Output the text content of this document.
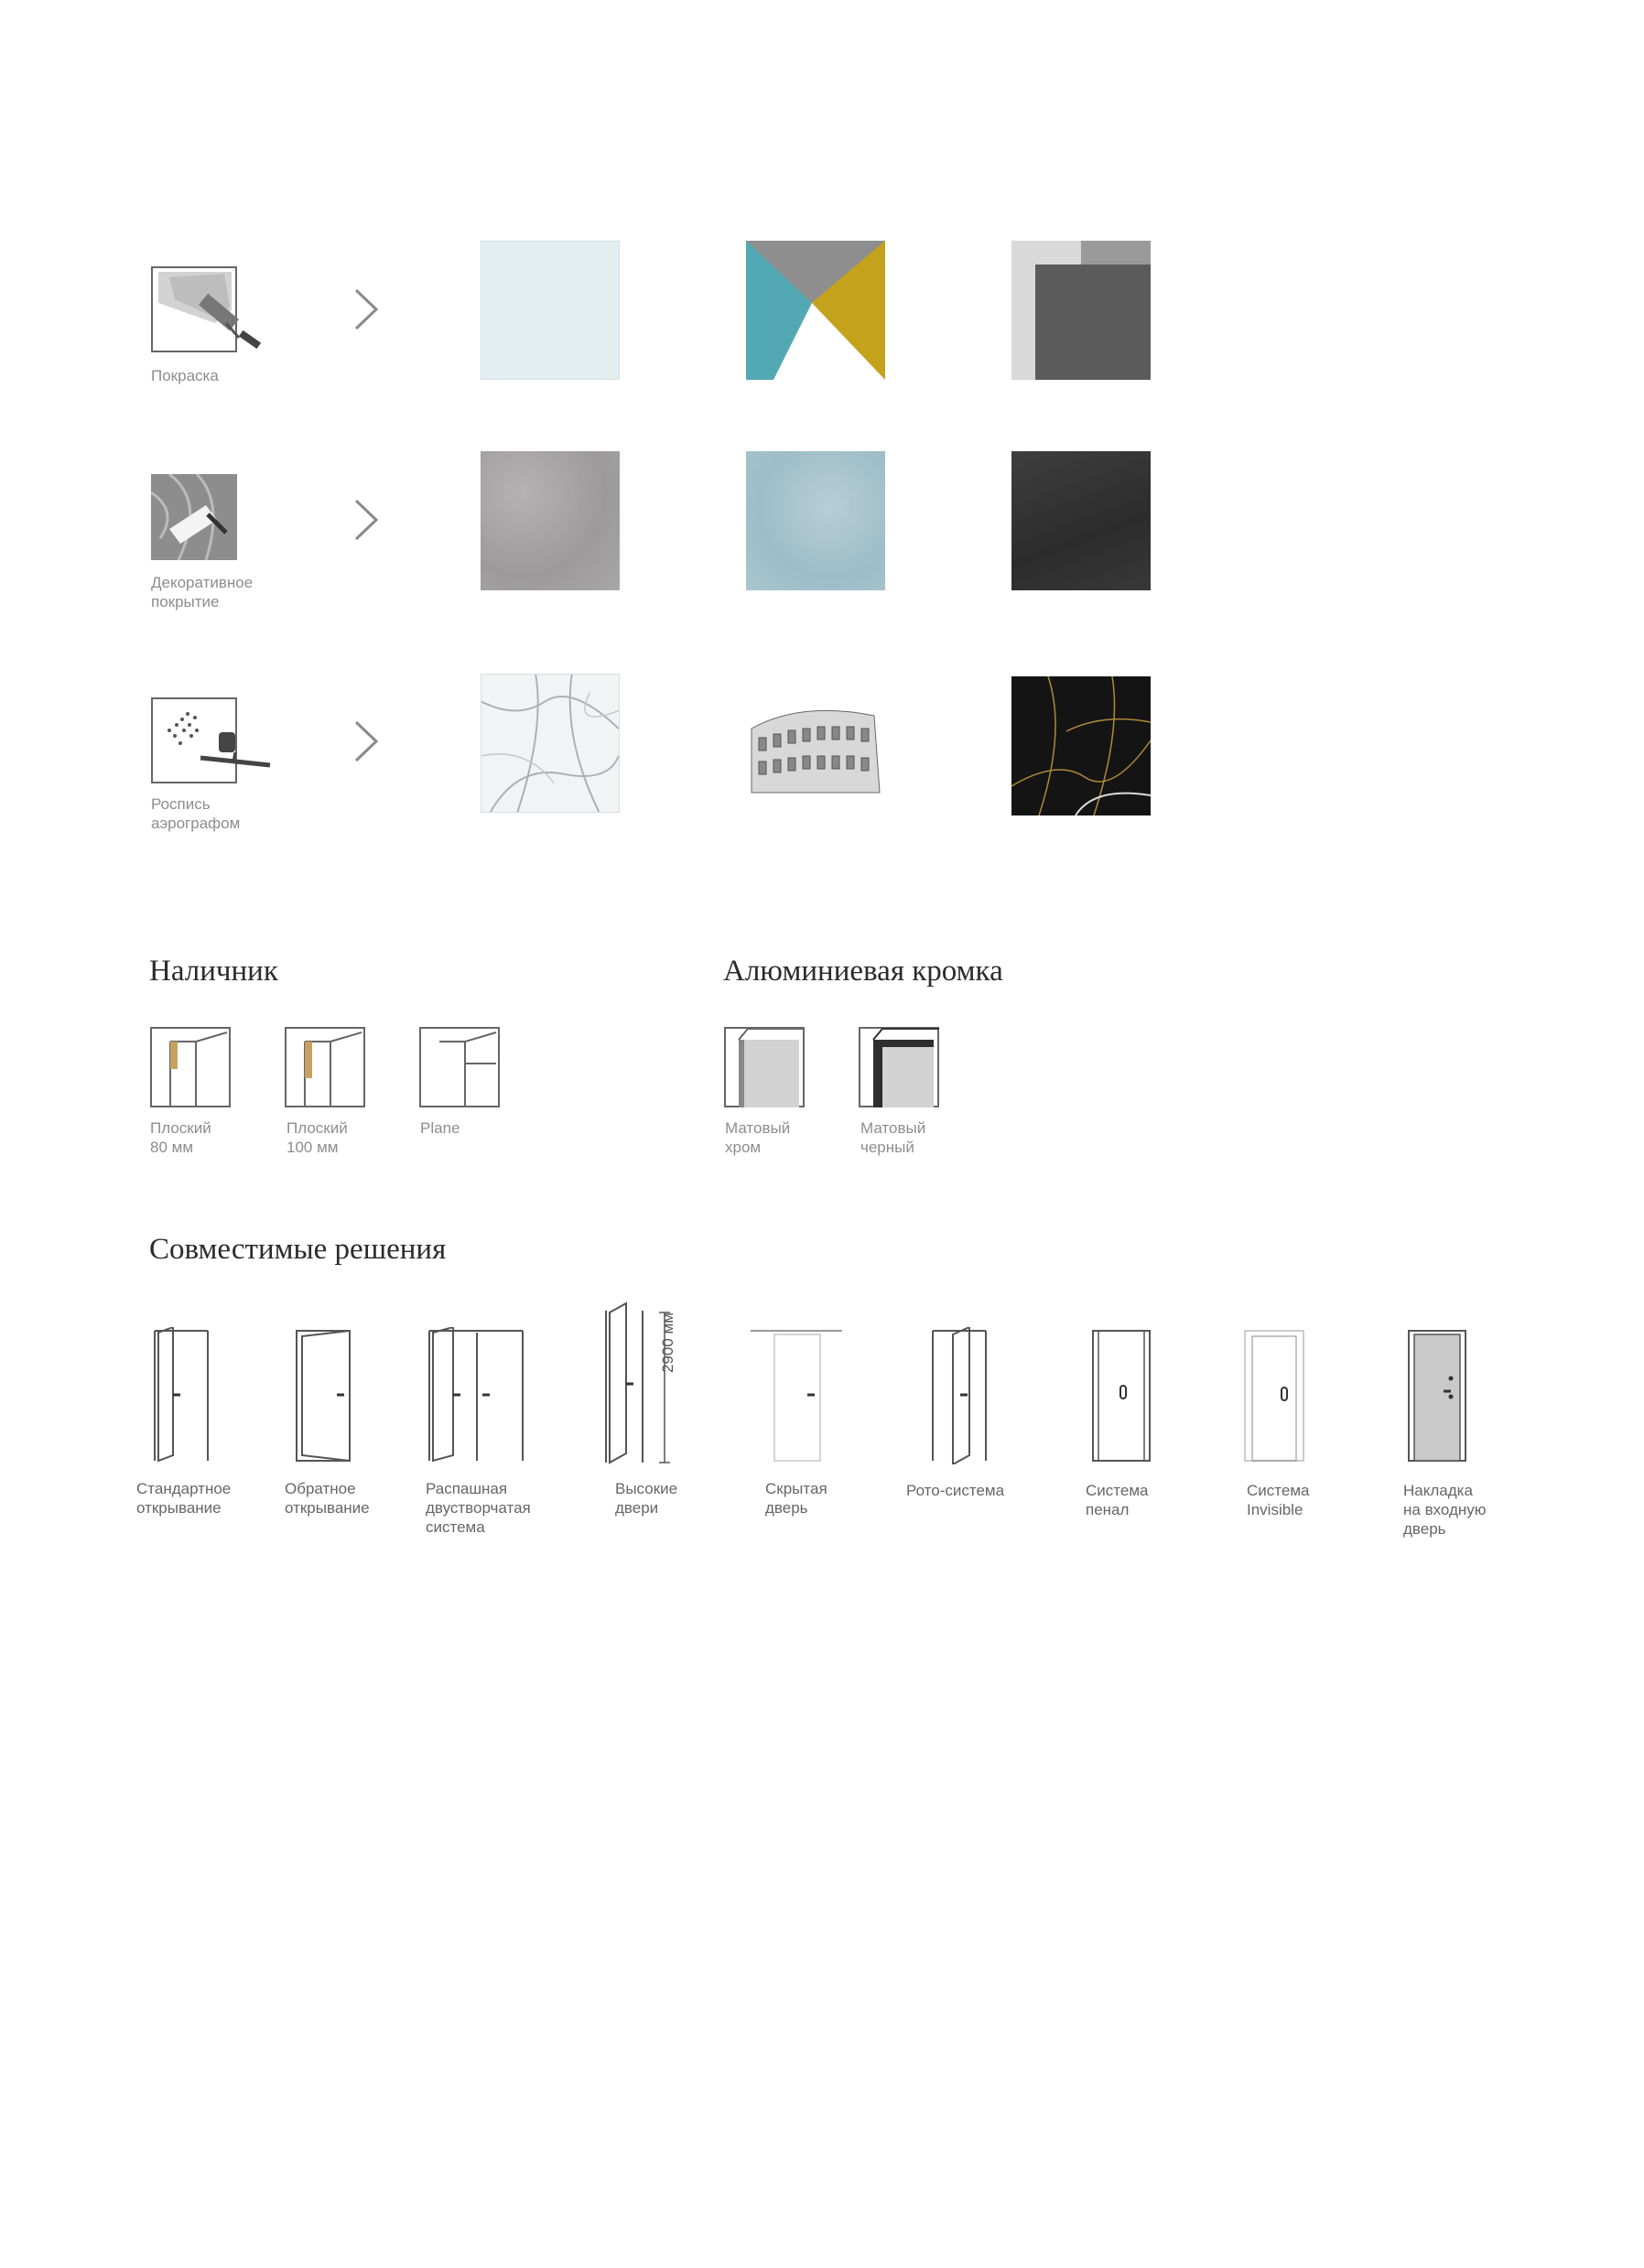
Покраска
Декоративное
покрытие
Роспись
аэрографом
Наличник
Плоский
80 мм
Плоский
100 мм
Plane
Алюминиевая кромка
Матовый
хром
Матовый
черный
Совместимые решения
Стандартное
открывание
Обратное
открывание
Распашная
двустворчатая
система
2900 мм
Высокие
двери
Скрытая
дверь
Рото-система	Система
пенал
Система
Invisible
Накладка
на входную
дверь
